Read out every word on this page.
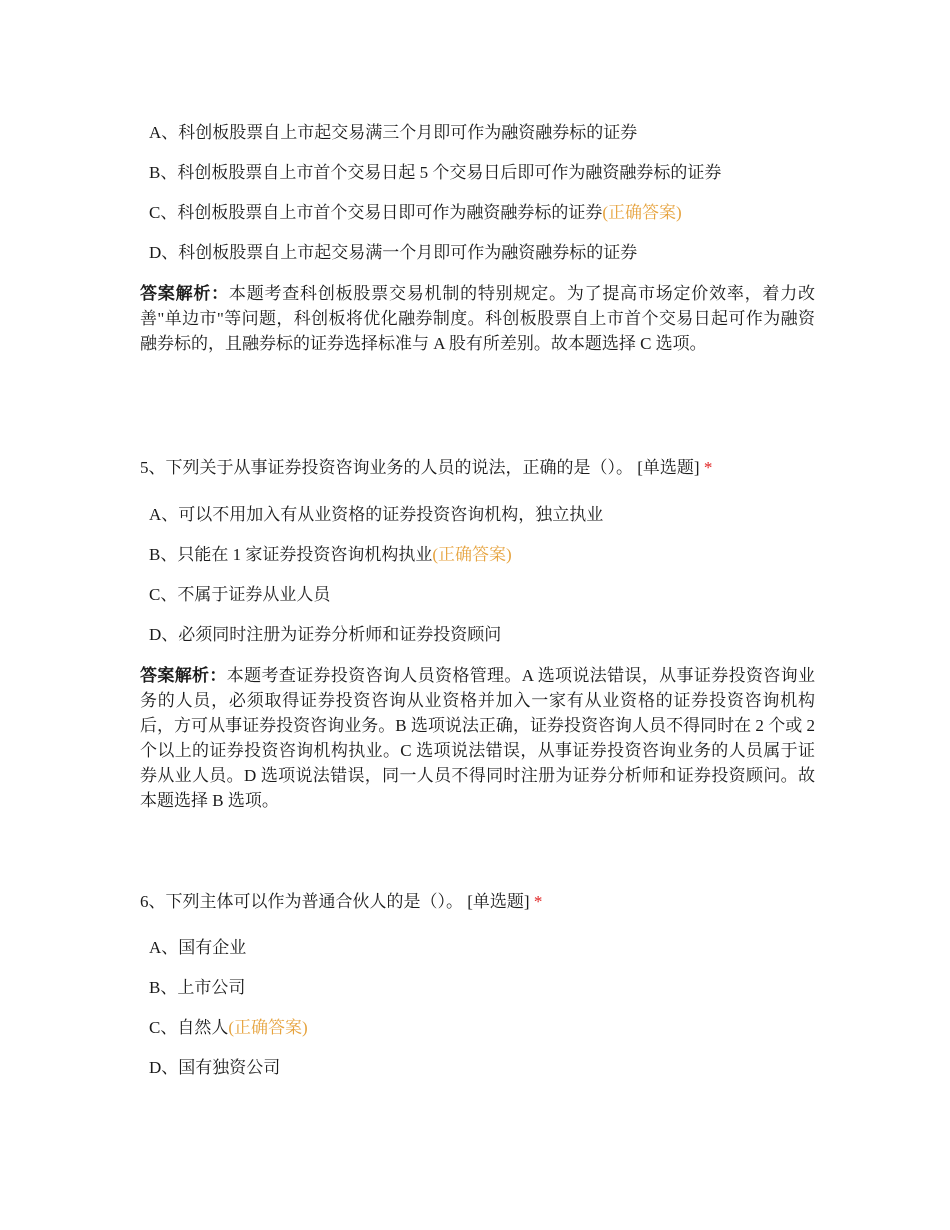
A、科创板股票自上市起交易满三个月即可作为融资融券标的证券
B、科创板股票自上市首个交易日起 5 个交易日后即可作为融资融券标的证券
C、科创板股票自上市首个交易日即可作为融资融券标的证券(正确答案)
D、科创板股票自上市起交易满一个月即可作为融资融券标的证券
答案解析：本题考查科创板股票交易机制的特别规定。为了提高市场定价效率，着力改善"单边市"等问题，科创板将优化融券制度。科创板股票自上市首个交易日起可作为融资融券标的，且融券标的证券选择标准与 A 股有所差别。故本题选择 C 选项。
5、下列关于从事证券投资咨询业务的人员的说法，正确的是（）。 [单选题] *
A、可以不用加入有从业资格的证券投资咨询机构，独立执业
B、只能在 1 家证券投资咨询机构执业(正确答案)
C、不属于证券从业人员
D、必须同时注册为证券分析师和证券投资顾问
答案解析：本题考查证券投资咨询人员资格管理。A 选项说法错误，从事证券投资咨询业务的人员，必须取得证券投资咨询从业资格并加入一家有从业资格的证券投资咨询机构后，方可从事证券投资咨询业务。B 选项说法正确，证券投资咨询人员不得同时在 2 个或 2 个以上的证券投资咨询机构执业。C 选项说法错误，从事证券投资咨询业务的人员属于证券从业人员。D 选项说法错误，同一人员不得同时注册为证券分析师和证券投资顾问。故本题选择 B 选项。
6、下列主体可以作为普通合伙人的是（）。 [单选题] *
A、国有企业
B、上市公司
C、自然人(正确答案)
D、国有独资公司
